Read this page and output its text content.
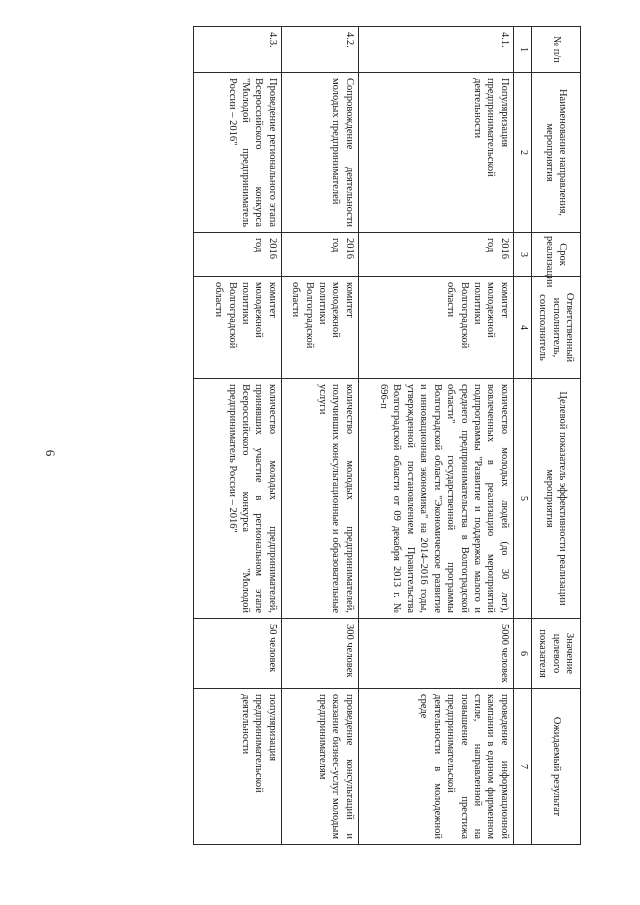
6
№ п/п	Наименование направления, мероприятия	Срок реализации	Ответственный исполнитель, соисполнитель	Целевой показатель эффективности реализации мероприятия	Значение целевого показателя	Ожидаемый результат
1	2	3	4	5	6	7
4.1.	Популяризация предпринимательской деятельности	2016 год	комитет молодежной политики Волгоградской области	количество молодых людей (до 30 лет), вовлеченных в реализацию мероприятий подпрограммы "Развитие и поддержка малого и среднего предпринимательства в Волгоградской области" государственной программы Волгоградской области "Экономическое развитие и инновационная экономика" на 2014–2016 годы, утвержденной постановлением Правительства Волгоградской области от 09 декабря 2013 г. № 696-п	5000 человек	проведение информационной кампании в едином фирменном стиле, направленной на повышение престижа предпринимательской деятельности в молодежной среде
4.2.	Сопровождение деятельности молодых предпринимателей	2016 год	комитет молодежной политики Волгоградской области	количество молодых предпринимателей, получивших консультационные и образовательные услуги	300 человек	проведение консультаций и оказание бизнес-услуг молодым предпринимателям
4.3.	Проведение регионального этапа Всероссийского конкурса "Молодой предприниматель России – 2016"	2016 год	комитет молодежной политики Волгоградской области	количество молодых предпринимателей, принявших участие в региональном этапе Всероссийского конкурса "Молодой предприниматель России – 2016"	50 человек	популяризация предпринимательской деятельности
